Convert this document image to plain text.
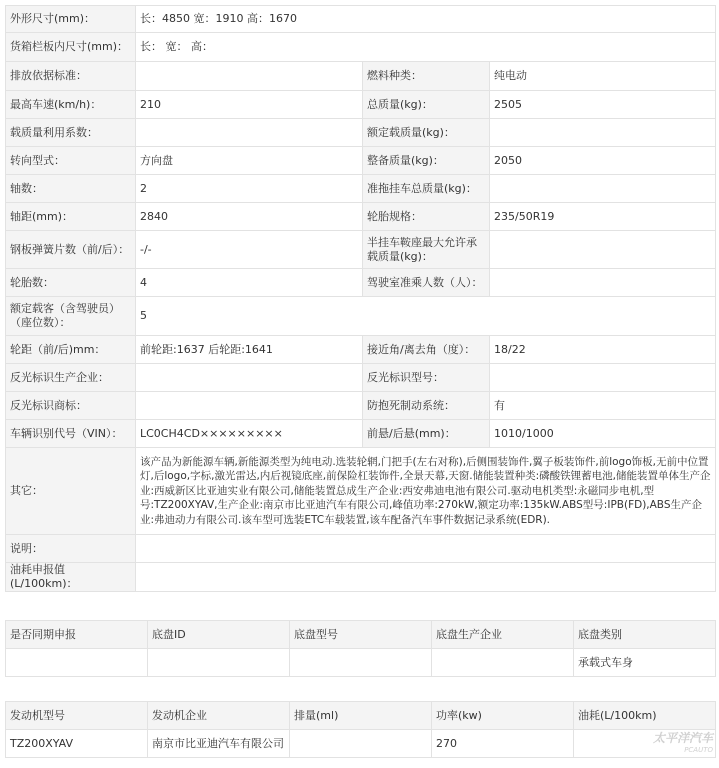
外形尺寸(mm)：	长：4850 宽：1910 高：1670		
货箱栏板内尺寸(mm)：	长： 宽： 高：		
排放依据标准：		燃料种类：	纯电动
最高车速(km/h)：	210	总质量(kg)：	2505
载质量利用系数：		额定载质量(kg)：	
转向型式：	方向盘	整备质量(kg)：	2050
轴数：	2	准拖挂车总质量(kg)：	
轴距(mm)：	2840	轮胎规格：	235/50R19
钢板弹簧片数（前/后）：	-/-	半挂车鞍座最大允许承载质量(kg)：	
轮胎数：	4	驾驶室准乘人数（人）：	
额定载客（含驾驶员）（座位数）：	5		
轮距（前/后)mm：	前轮距:1637 后轮距:1641	接近角/离去角（度）：	18/22
反光标识生产企业：		反光标识型号：	
反光标识商标：		防抱死制动系统：	有
车辆识别代号（VIN）：	LC0CH4CD×××××××××	前悬/后悬(mm)：	1010/1000
其它：	该产品为新能源车辆,新能源类型为纯电动.选装轮辋,门把手(左右对称),后侧围装饰件,翼子板装饰件,前logo饰板,无前中位置灯,后logo,字标,激光雷达,内后视镜底座,前保险杠装饰件,全景天幕,天窗.储能装置种类:磷酸铁锂蓄电池,储能装置单体生产企业:西威新区比亚迪实业有限公司,储能装置总成生产企业:西安弗迪电池有限公司.驱动电机类型:永磁同步电机,型号:TZ200XYAV,生产企业:南京市比亚迪汽车有限公司,峰值功率:270kW,额定功率:135kW.ABS型号:IPB(FD),ABS生产企业:弗迪动力有限公司.该车型可选装ETC车载装置,该车配备汽车事件数据记录系统(EDR).		
说明：			
油耗申报值(L/100km)：			
是否同期申报	底盘ID	底盘型号	底盘生产企业	底盘类别
				承载式车身
发动机型号	发动机企业	排量(ml)	功率(kw)	油耗(L/100km)
TZ200XYAV	南京市比亚迪汽车有限公司		270		太平洋汽车
PCAUTO
